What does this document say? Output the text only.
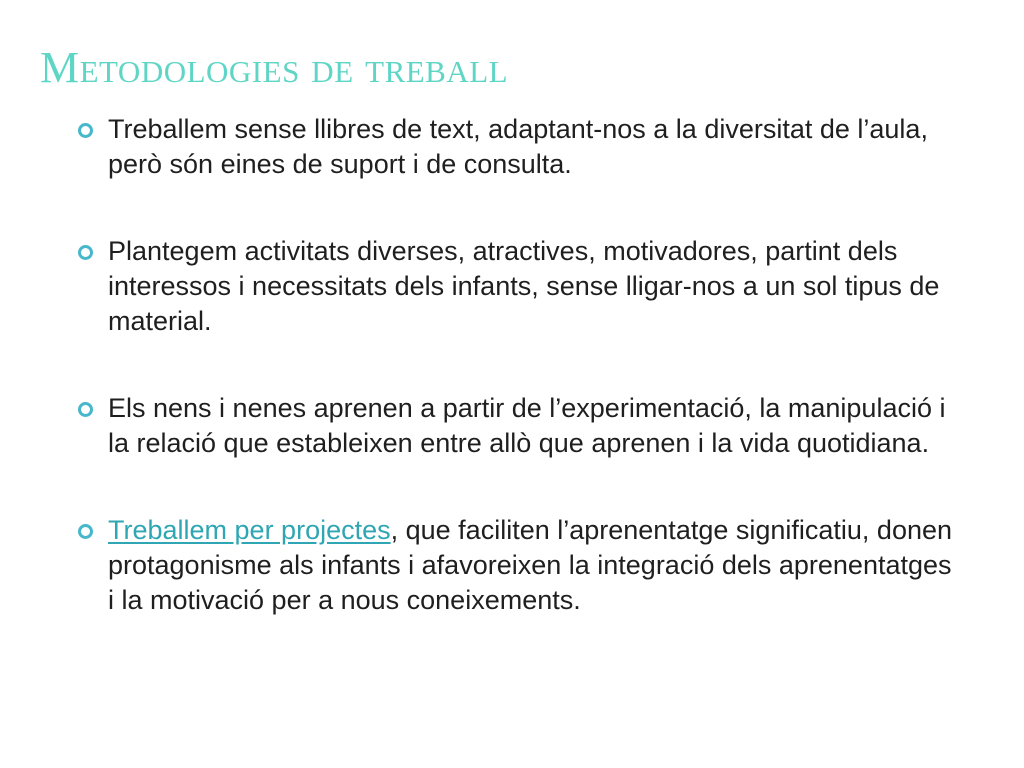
Metodologies de treball
Treballem sense llibres de text, adaptant-nos a la diversitat de l’aula, però són eines de suport i de consulta.
Plantegem activitats diverses, atractives, motivadores, partint dels interessos i necessitats dels infants, sense lligar-nos a un sol tipus de material.
Els nens i nenes aprenen a partir de l’experimentació, la manipulació i la relació que estableixen entre allò que aprenen i la vida quotidiana.
Treballem per projectes, que faciliten l’aprenentatge significatiu, donen protagonisme als infants i afavoreixen la integració dels aprenentatges i la motivació per a nous coneixements.
